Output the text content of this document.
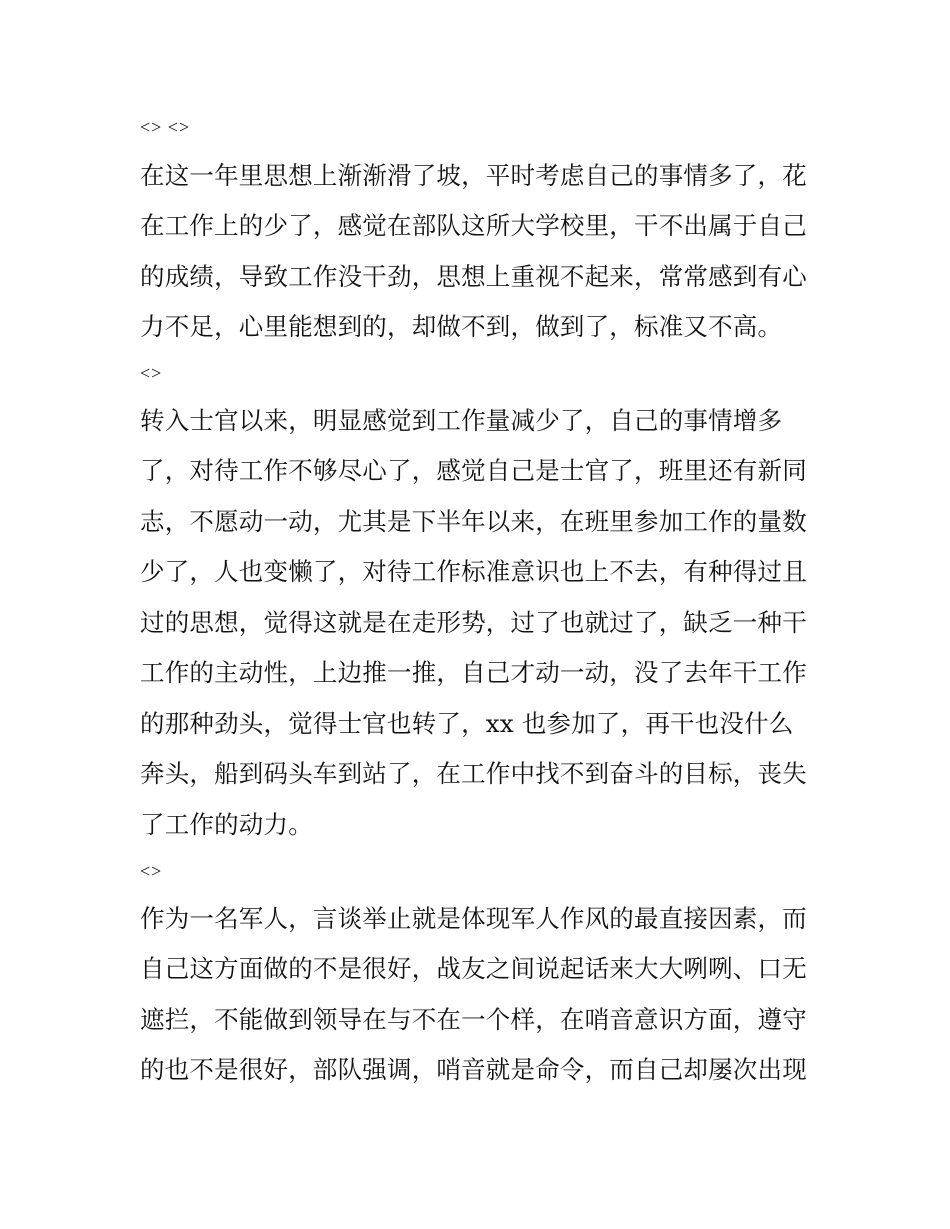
<> <>
在这一年里思想上渐渐滑了坡，平时考虑自己的事情多了，花
在工作上的少了，感觉在部队这所大学校里，干不出属于自己
的成绩，导致工作没干劲，思想上重视不起来，常常感到有心
力不足，心里能想到的，却做不到，做到了，标准又不高。
<>
转入士官以来，明显感觉到工作量减少了，自己的事情增多
了，对待工作不够尽心了，感觉自己是士官了，班里还有新同
志，不愿动一动，尤其是下半年以来，在班里参加工作的量数
少了，人也变懒了，对待工作标准意识也上不去，有种得过且
过的思想，觉得这就是在走形势，过了也就过了，缺乏一种干
工作的主动性，上边推一推，自己才动一动，没了去年干工作
的那种劲头，觉得士官也转了，xx 也参加了，再干也没什么
奔头，船到码头车到站了，在工作中找不到奋斗的目标，丧失
了工作的动力。
<>
作为一名军人，言谈举止就是体现军人作风的最直接因素，而
自己这方面做的不是很好，战友之间说起话来大大咧咧、口无
遮拦，不能做到领导在与不在一个样，在哨音意识方面，遵守
的也不是很好，部队强调，哨音就是命令，而自己却屡次出现
